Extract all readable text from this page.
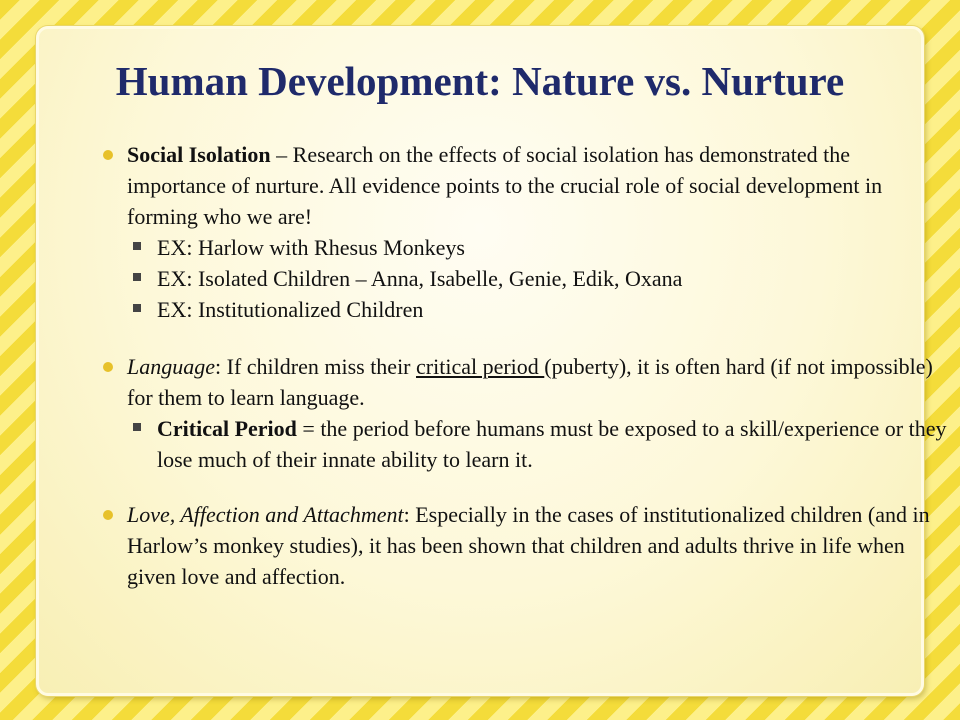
Human Development: Nature vs. Nurture

Social Isolation – Research on the effects of social isolation has demonstrated the importance of nurture. All evidence points to the crucial role of social development in forming who we are!

EX: Harlow with Rhesus Monkeys

EX: Isolated Children – Anna, Isabelle, Genie, Edik, Oxana

EX: Institutionalized Children

Language: If children miss their critical period (puberty), it is often hard (if not impossible) for them to learn language.

Critical Period = the period before humans must be exposed to a skill/experience or they lose much of their innate ability to learn it.

Love, Affection and Attachment: Especially in the cases of institutionalized children (and in Harlow’s monkey studies), it has been shown that children and adults thrive in life when given love and affection.
